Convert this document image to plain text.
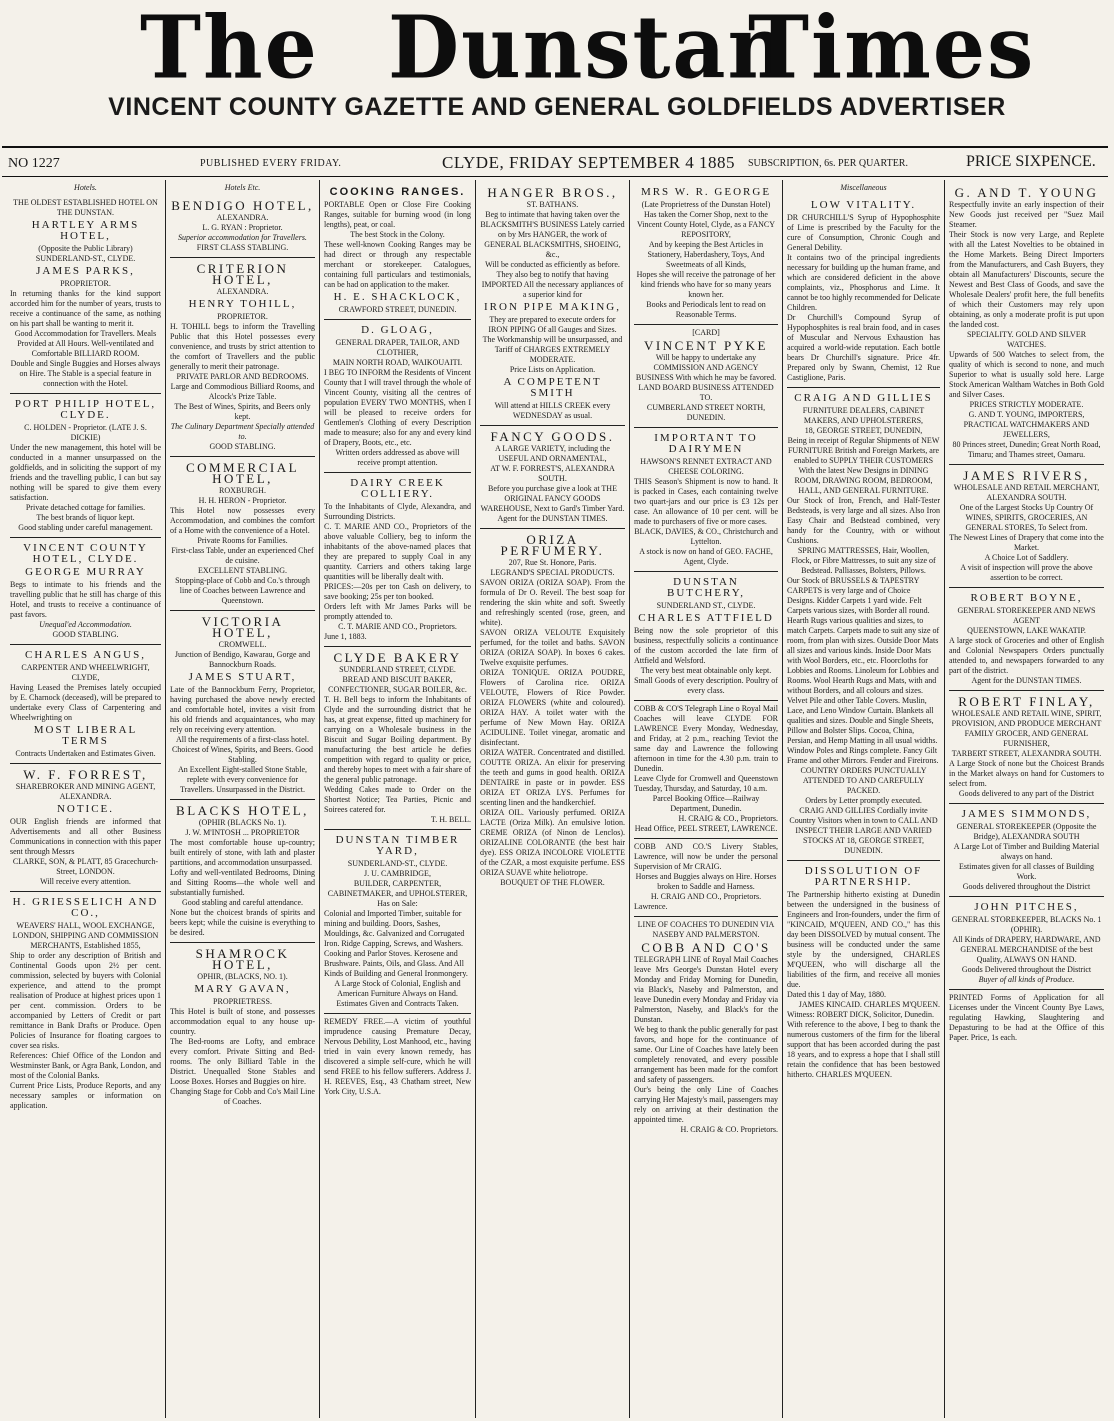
The Dunstan
Times
VINCENT COUNTY GAZETTE AND GENERAL GOLDFIELDS ADVERTISER
NO 1227	PUBLISHED EVERY FRIDAY.	CLYDE, FRIDAY SEPTEMBER 4 1885 SUBSCRIPTION, 6s. PER QUARTER.	PRICE SIXPENCE.
Hotels.
THE OLDEST ESTABLISHED HOTEL ON THE DUNSTAN.
HARTLEY ARMS HOTEL,
(Opposite the Public Library) SUNDERLAND-ST., CLYDE.
JAMES PARKS,
PROPRIETOR.
In returning thanks for the kind support accorded him for the number of years, trusts to receive a continuance of the same, as nothing on his part shall be wanting to merit it.
Good Accommodation for Travellers. Meals Provided at All Hours. Well-ventilated and Comfortable BILLIARD ROOM.
Double and Single Buggies and Horses always on Hire. The Stable is a special feature in connection with the Hotel.
PORT PHILIP HOTEL, CLYDE.
C. HOLDEN - Proprietor. (LATE J. S. DICKIE)
Under the new management, this hotel will be conducted in a manner unsurpassed on the goldfields, and in soliciting the support of my friends and the travelling public, I can but say nothing will be spared to give them every satisfaction.
Private detached cottage for families.
The best brands of liquor kept.
Good stabling under careful management.
VINCENT COUNTY HOTEL, CLYDE.
GEORGE MURRAY
Begs to intimate to his friends and the travelling public that he still has charge of this Hotel, and trusts to receive a continuance of past favors.
Unequal'ed Accommodation.
GOOD STABLING.
CHARLES ANGUS,
CARPENTER AND WHEELWRIGHT, CLYDE,
Having Leased the Premises lately occupied by E. Charnock (deceased), will be prepared to undertake every Class of Carpentering and Wheelwrighting on
MOST LIBERAL TERMS
Contracts Undertaken and Estimates Given.
W. F. FORREST,
SHAREBROKER AND MINING AGENT, ALEXANDRA.
NOTICE.
OUR English friends are informed that Advertisements and all other Business Communications in connection with this paper sent through Messrs
CLARKE, SON, & PLATT, 85 Gracechurch-Street, LONDON.
Will receive every attention.
H. GRIESSELICH AND CO.,
WEAVERS' HALL, WOOL EXCHANGE, LONDON, SHIPPING AND COMMISSION MERCHANTS, Established 1855,
Ship to order any description of British and Continental Goods upon 2½ per cent. commission, selected by buyers with Colonial experience, and attend to the prompt realisation of Produce at highest prices upon 1 per cent. commission. Orders to be accompanied by Letters of Credit or part remittance in Bank Drafts or Produce. Open Policies of Insurance for floating cargoes to cover sea risks.
References: Chief Office of the London and Westminster Bank, or Agra Bank, London, and most of the Colonial Banks.
Current Price Lists, Produce Reports, and any necessary samples or information on application.
Hotels Etc.
BENDIGO HOTEL,
ALEXANDRA.
L. G. RYAN : Proprietor.
Superior accommodation for Travellers.
FIRST CLASS STABLING.
CRITERION HOTEL,
ALEXANDRA.
HENRY TOHILL,
PROPRIETOR.
H. TOHILL begs to inform the Travelling Public that this Hotel possesses every convenience, and trusts by strict attention to the comfort of Travellers and the public generally to merit their patronage.
PRIVATE PARLOR AND BEDROOMS. Large and Commodious Billiard Rooms, and Alcock's Prize Table.
The Best of Wines, Spirits, and Beers only kept.
The Culinary Department Specially attended to.
GOOD STABLING.
COMMERCIAL HOTEL,
ROXBURGH.
H. H. HERON - Proprietor.
This Hotel now possesses every Accommodation, and combines the comfort of a Home with the convenience of a Hotel.
Private Rooms for Families.
First-class Table, under an experienced Chef de cuisine.
EXCELLENT STABLING.
Stopping-place of Cobb and Co.'s through line of Coaches between Lawrence and Queenstown.
VICTORIA HOTEL,
CROMWELL.
Junction of Bendigo, Kawarau, Gorge and Bannockburn Roads.
JAMES STUART,
Late of the Bannockburn Ferry, Proprietor, having purchased the above newly erected and comfortable hotel, invites a visit from his old friends and acquaintances, who may rely on receiving every attention.
All the requirements of a first-class hotel.
Choicest of Wines, Spirits, and Beers. Good Stabling.
An Excellent Eight-stalled Stone Stable, replete with every convenience for Travellers. Unsurpassed in the District.
BLACKS HOTEL,
(OPHIR (BLACKS No. 1).
J. W. M'INTOSH ... PROPRIETOR
The most comfortable house up-country; built entirely of stone, with lath and plaster partitions, and accommodation unsurpassed.
Lofty and well-ventilated Bedrooms, Dining and Sitting Rooms—the whole well and substantially furnished.
Good stabling and careful attendance.
None but the choicest brands of spirits and beers kept; while the cuisine is everything to be desired.
SHAMROCK HOTEL,
OPHIR, (BLACKS, NO. 1).
MARY GAVAN,
PROPRIETRESS.
This Hotel is built of stone, and possesses accommodation equal to any house up-country.
The Bed-rooms are Lofty, and embrace every comfort. Private Sitting and Bed-rooms. The only Billiard Table in the District. Unequalled Stone Stables and Loose Boxes. Horses and Buggies on hire.
Changing Stage for Cobb and Co's Mail Line of Coaches.
COOKING RANGES.
PORTABLE Open or Close Fire Cooking Ranges, suitable for burning wood (in long lengths), peat, or coal.
The best Stock in the Colony.
These well-known Cooking Ranges may be had direct or through any respectable merchant or storekeeper. Catalogues, containing full particulars and testimonials, can be had on application to the maker.
H. E. SHACKLOCK,
CRAWFORD STREET, DUNEDIN.
D. GLOAG,
GENERAL DRAPER, TAILOR, AND CLOTHIER,
MAIN NORTH ROAD, WAIKOUAITI.
I BEG TO INFORM the Residents of Vincent County that I will travel through the whole of Vincent County, visiting all the centres of population EVERY TWO MONTHS, when I will be pleased to receive orders for Gentlemen's Clothing of every Description made to measure; also for any and every kind of Drapery, Boots, etc., etc.
Written orders addressed as above will receive prompt attention.
DAIRY CREEK COLLIERY.
To the Inhabitants of Clyde, Alexandra, and Surrounding Districts.
C. T. MARIE AND CO., Proprietors of the above valuable Colliery, beg to inform the inhabitants of the above-named places that they are prepared to supply Coal in any quantity. Carriers and others taking large quantities will be liberally dealt with.
PRICES:—20s per ton Cash on delivery, to save booking; 25s per ton booked.
Orders left with Mr James Parks will be promptly attended to.
C. T. MARIE AND CO., Proprietors.
June 1, 1883.
CLYDE BAKERY
SUNDERLAND STREET, CLYDE.
BREAD AND BISCUIT BAKER, CONFECTIONER, SUGAR BOILER, &c.
T. H. Bell begs to inform the Inhabitants of Clyde and the surrounding district that he has, at great expense, fitted up machinery for carrying on a Wholesale business in the Biscuit and Sugar Boiling department. By manufacturing the best article he defies competition with regard to quality or price, and thereby hopes to meet with a fair share of the general public patronage.
Wedding Cakes made to Order on the Shortest Notice; Tea Parties, Picnic and Soirees catered for.
T. H. BELL.
DUNSTAN TIMBER YARD,
SUNDERLAND-ST., CLYDE.
J. U. CAMBRIDGE,
BUILDER, CARPENTER, CABINETMAKER, and UPHOLSTERER, Has on Sale:
Colonial and Imported Timber, suitable for mining and building. Doors, Sashes, Mouldings, &c. Galvanized and Corrugated Iron. Ridge Capping, Screws, and Washers. Cooking and Parlor Stoves. Kerosene and Brushware. Paints, Oils, and Glass. And All Kinds of Building and General Ironmongery.
A Large Stock of Colonial, English and American Furniture Always on Hand.
Estimates Given and Contracts Taken.
REMEDY FREE.—A victim of youthful imprudence causing Premature Decay, Nervous Debility, Lost Manhood, etc., having tried in vain every known remedy, has discovered a simple self-cure, which he will send FREE to his fellow sufferers. Address J. H. REEVES, Esq., 43 Chatham street, New York City, U.S.A.
HANGER BROS.,
ST. BATHANS.
Beg to intimate that having taken over the BLACKSMITH'S BUSINESS Lately carried on by Mrs HANGER, the work of
GENERAL BLACKSMITHS, SHOEING, &c.,
Will be conducted as efficiently as before.
They also beg to notify that having IMPORTED All the necessary appliances of a superior kind for
IRON PIPE MAKING,
They are prepared to execute orders for IRON PIPING Of all Gauges and Sizes.
The Workmanship will be unsurpassed, and Tariff of CHARGES EXTREMELY MODERATE.
Price Lists on Application.
A COMPETENT SMITH
Will attend at HILLS CREEK every WEDNESDAY as usual.
FANCY GOODS.
A LARGE VARIETY, including the USEFUL AND ORNAMENTAL,
AT W. F. FORREST'S, ALEXANDRA SOUTH.
Before you purchase give a look at THE ORIGINAL FANCY GOODS WAREHOUSE, Next to Gard's Timber Yard.
Agent for the DUNSTAN TIMES.
ORIZA PERFUMERY.
207, Rue St. Honore, Paris.
LEGRAND'S SPECIAL PRODUCTS.
SAVON ORIZA (ORIZA SOAP). From the formula of Dr O. Reveil. The best soap for rendering the skin white and soft. Sweetly and refreshingly scented (rose, green, and white).
SAVON ORIZA VELOUTE Exquisitely perfumed, for the toilet and baths. SAVON ORIZA (ORIZA SOAP). In boxes 6 cakes. Twelve exquisite perfumes.
ORIZA TONIQUE. ORIZA POUDRE, Flowers of Carolina rice. ORIZA VELOUTE, Flowers of Rice Powder. ORIZA FLOWERS (white and coloured). ORIZA HAY. A toilet water with the perfume of New Mown Hay. ORIZA ACIDULINE. Toilet vinegar, aromatic and disinfectant.
ORIZA WATER. Concentrated and distilled. COUTTE ORIZA. An elixir for preserving the teeth and gums in good health. ORIZA DENTAIRE in paste or in powder. ESS ORIZA ET ORIZA LYS. Perfumes for scenting linen and the handkerchief.
ORIZA OIL. Variously perfumed. ORIZA LACTE (Oriza Milk). An emulsive lotion. CREME ORIZA (of Ninon de Lenclos). ORIZALINE COLORANTE (the best hair dye). ESS ORIZA INCOLORE VIOLETTE of the CZAR, a most exquisite perfume. ESS ORIZA SUAVE white heliotrope.
BOUQUET OF THE FLOWER.
MRS W. R. GEORGE
(Late Proprietress of the Dunstan Hotel)
Has taken the Corner Shop, next to the Vincent County Hotel, Clyde, as a FANCY REPOSITORY,
And by keeping the Best Articles in Stationery, Haberdashery, Toys, And Sweetmeats of all Kinds,
Hopes she will receive the patronage of her kind friends who have for so many years known her.
Books and Periodicals lent to read on Reasonable Terms.
[CARD]
VINCENT PYKE
Will be happy to undertake any COMMISSION AND AGENCY BUSINESS With which he may be favored.
LAND BOARD BUSINESS ATTENDED TO.
CUMBERLAND STREET NORTH, DUNEDIN.
IMPORTANT TO DAIRYMEN
HAWSON'S RENNET EXTRACT AND CHEESE COLORING.
THIS Season's Shipment is now to hand. It is packed in Cases, each containing twelve two quart-jars and our price is £3 12s per case. An allowance of 10 per cent. will be made to purchasers of five or more cases.
BLACK, DAVIES, & CO., Christchurch and Lyttelton.
A stock is now on hand of GEO. FACHE, Agent, Clyde.
DUNSTAN BUTCHERY,
SUNDERLAND ST., CLYDE.
CHARLES ATTFIELD
Being now the sole proprietor of this business, respectfully solicits a continuance of the custom accorded the late firm of Attfield and Welsford.
The very best meat obtainable only kept.
Small Goods of every description. Poultry of every class.
COBB & CO'S Telegraph Line o Royal Mail Coaches will leave CLYDE FOR LAWRENCE Every Monday, Wednesday, and Friday, at 2 p.m., reaching Teviot the same day and Lawrence the following afternoon in time for the 4.30 p.m. train to Dunedin.
Leave Clyde for Cromwell and Queenstown Tuesday, Thursday, and Saturday, 10 a.m.
Parcel Booking Office—Railway Department, Dunedin.
H. CRAIG & CO., Proprietors.
Head Office, PEEL STREET, LAWRENCE.
COBB AND CO.'S Livery Stables, Lawrence, will now be under the personal Supervision of Mr CRAIG.
Horses and Buggies always on Hire. Horses broken to Saddle and Harness.
H. CRAIG AND CO., Proprietors.
Lawrence.
LINE OF COACHES TO DUNEDIN VIA NASEBY AND PALMERSTON.
COBB AND CO'S
TELEGRAPH LINE of Royal Mail Coaches leave Mrs George's Dunstan Hotel every Monday and Friday Morning for Dunedin, via Black's, Naseby and Palmerston, and leave Dunedin every Monday and Friday via Palmerston, Naseby, and Black's for the Dunstan.
We beg to thank the public generally for past favors, and hope for the continuance of same. Our Line of Coaches have lately been completely renovated, and every possible arrangement has been made for the comfort and safety of passengers.
Our's being the only Line of Coaches carrying Her Majesty's mail, passengers may rely on arriving at their destination the appointed time.
H. CRAIG & CO. Proprietors.
Miscellaneous
LOW VITALITY.
DR CHURCHILL'S Syrup of Hypophosphite of Lime is prescribed by the Faculty for the cure of Consumption, Chronic Cough and General Debility.
It contains two of the principal ingredients necessary for building up the human frame, and which are considered deficient in the above complaints, viz., Phosphorus and Lime. It cannot be too highly recommended for Delicate Children.
Dr Churchill's Compound Syrup of Hypophosphites is real brain food, and in cases of Muscular and Nervous Exhaustion has acquired a world-wide reputation. Each bottle bears Dr Churchill's signature. Price 4fr. Prepared only by Swann, Chemist, 12 Rue Castiglione, Paris.
CRAIG AND GILLIES
FURNITURE DEALERS, CABINET MAKERS, AND UPHOLSTERERS,
18, GEORGE STREET, DUNEDIN,
Being in receipt of Regular Shipments of NEW FURNITURE British and Foreign Markets, are enabled to SUPPLY THEIR CUSTOMERS With the latest New Designs in DINING ROOM, DRAWING ROOM, BEDROOM, HALL, AND GENERAL FURNITURE.
Our Stock of Iron, French, and Half-Tester Bedsteads, is very large and all sizes. Also Iron Easy Chair and Bedstead combined, very handy for the Country, with or without Cushions.
SPRING MATTRESSES, Hair, Woollen, Flock, or Fibre Mattresses, to suit any size of Bedstead. Palliasses, Bolsters, Pillows.
Our Stock of BRUSSELS & TAPESTRY CARPETS is very large and of Choice Designs. Kidder Carpets 1 yard wide. Felt Carpets various sizes, with Border all round. Hearth Rugs various qualities and sizes, to match Carpets. Carpets made to suit any size of room, from plan with sizes. Outside Door Mats all sizes and various kinds. Inside Door Mats with Wool Borders, etc., etc. Floorcloths for Lobbies and Rooms. Linoleum for Lobbies and Rooms. Wool Hearth Rugs and Mats, with and without Borders, and all colours and sizes. Velvet Pile and other Table Covers. Muslin, Lace, and Leno Window Curtain. Blankets all qualities and sizes. Double and Single Sheets, Pillow and Bolster Slips. Cocoa, China, Persian, and Hemp Matting in all usual widths. Window Poles and Rings complete. Fancy Gilt Frame and other Mirrors. Fender and Fireirons.
COUNTRY ORDERS PUNCTUALLY ATTENDED TO AND CAREFULLY PACKED.
Orders by Letter promptly executed.
CRAIG AND GILLIES Cordially invite Country Visitors when in town to CALL AND INSPECT THEIR LARGE AND VARIED STOCKS AT 18, GEORGE STREET, DUNEDIN.
DISSOLUTION OF PARTNERSHIP.
The Partnership hitherto existing at Dunedin between the undersigned in the business of Engineers and Iron-founders, under the firm of "KINCAID, M'QUEEN, AND CO.," has this day been DISSOLVED by mutual consent. The business will be conducted under the same style by the undersigned, CHARLES M'QUEEN, who will discharge all the liabilities of the firm, and receive all monies due.
Dated this 1 day of May, 1880.
JAMES KINCAID. CHARLES M'QUEEN.
Witness: ROBERT DICK, Solicitor, Dunedin.
With reference to the above, I beg to thank the numerous customers of the firm for the liberal support that has been accorded during the past 18 years, and to express a hope that I shall still retain the confidence that has been bestowed hitherto. CHARLES M'QUEEN.
G. AND T. YOUNG
Respectfully invite an early inspection of their New Goods just received per "Suez Mail Steamer.
Their Stock is now very Large, and Replete with all the Latest Novelties to be obtained in the Home Markets. Being Direct Importers from the Manufacturers, and Cash Buyers, they obtain all Manufacturers' Discounts, secure the Newest and Best Class of Goods, and save the Wholesale Dealers' profit here, the full benefits of which their Customers may rely upon obtaining, as only a moderate profit is put upon the landed cost.
SPECIALITY. GOLD AND SILVER WATCHES.
Upwards of 500 Watches to select from, the quality of which is second to none, and much Superior to what is usually sold here. Large Stock American Waltham Watches in Both Gold and Silver Cases.
PRICES STRICTLY MODERATE.
G. AND T. YOUNG, IMPORTERS, PRACTICAL WATCHMAKERS AND JEWELLERS,
80 Princes street, Dunedin; Great North Road, Timaru; and Thames street, Oamaru.
JAMES RIVERS,
WHOLESALE AND RETAIL MERCHANT,
ALEXANDRA SOUTH.
One of the Largest Stocks Up Country Of WINES, SPIRITS, GROCERIES, AN GENERAL STORES, To Select from.
The Newest Lines of Drapery that come into the Market.
A Choice Lot of Saddlery.
A visit of inspection will prove the above assertion to be correct.
ROBERT BOYNE,
GENERAL STOREKEEPER AND NEWS AGENT
QUEENSTOWN, LAKE WAKATIP.
A large stock of Groceries and other of English and Colonial Newspapers Orders punctually attended to, and newspapers forwarded to any part of the district.
Agent for the DUNSTAN TIMES.
ROBERT FINLAY,
WHOLESALE AND RETAIL WINE, SPIRIT, PROVISION, AND PRODUCE MERCHANT FAMILY GROCER, AND GENERAL FURNISHER,
TARBERT STREET, ALEXANDRA SOUTH.
A Large Stock of none but the Choicest Brands in the Market always on hand for Customers to select from.
Goods delivered to any part of the District
JAMES SIMMONDS,
GENERAL STOREKEEPER (Opposite the Bridge), ALEXANDRA SOUTH
A Large Lot of Timber and Building Material always on hand.
Estimates given for all classes of Building Work.
Goods delivered throughout the District
JOHN PITCHES,
GENERAL STOREKEEPER, BLACKS No. 1 (OPHIR).
All Kinds of DRAPERY, HARDWARE, AND GENERAL MERCHANDISE of the best Quality, ALWAYS ON HAND.
Goods Delivered throughout the District
Buyer of all kinds of Produce.
PRINTED Forms of Application for all Licenses under the Vincent County Bye Laws, regulating Hawking, Slaughtering and Depasturing to be had at the Office of this Paper. Price, 1s each.
